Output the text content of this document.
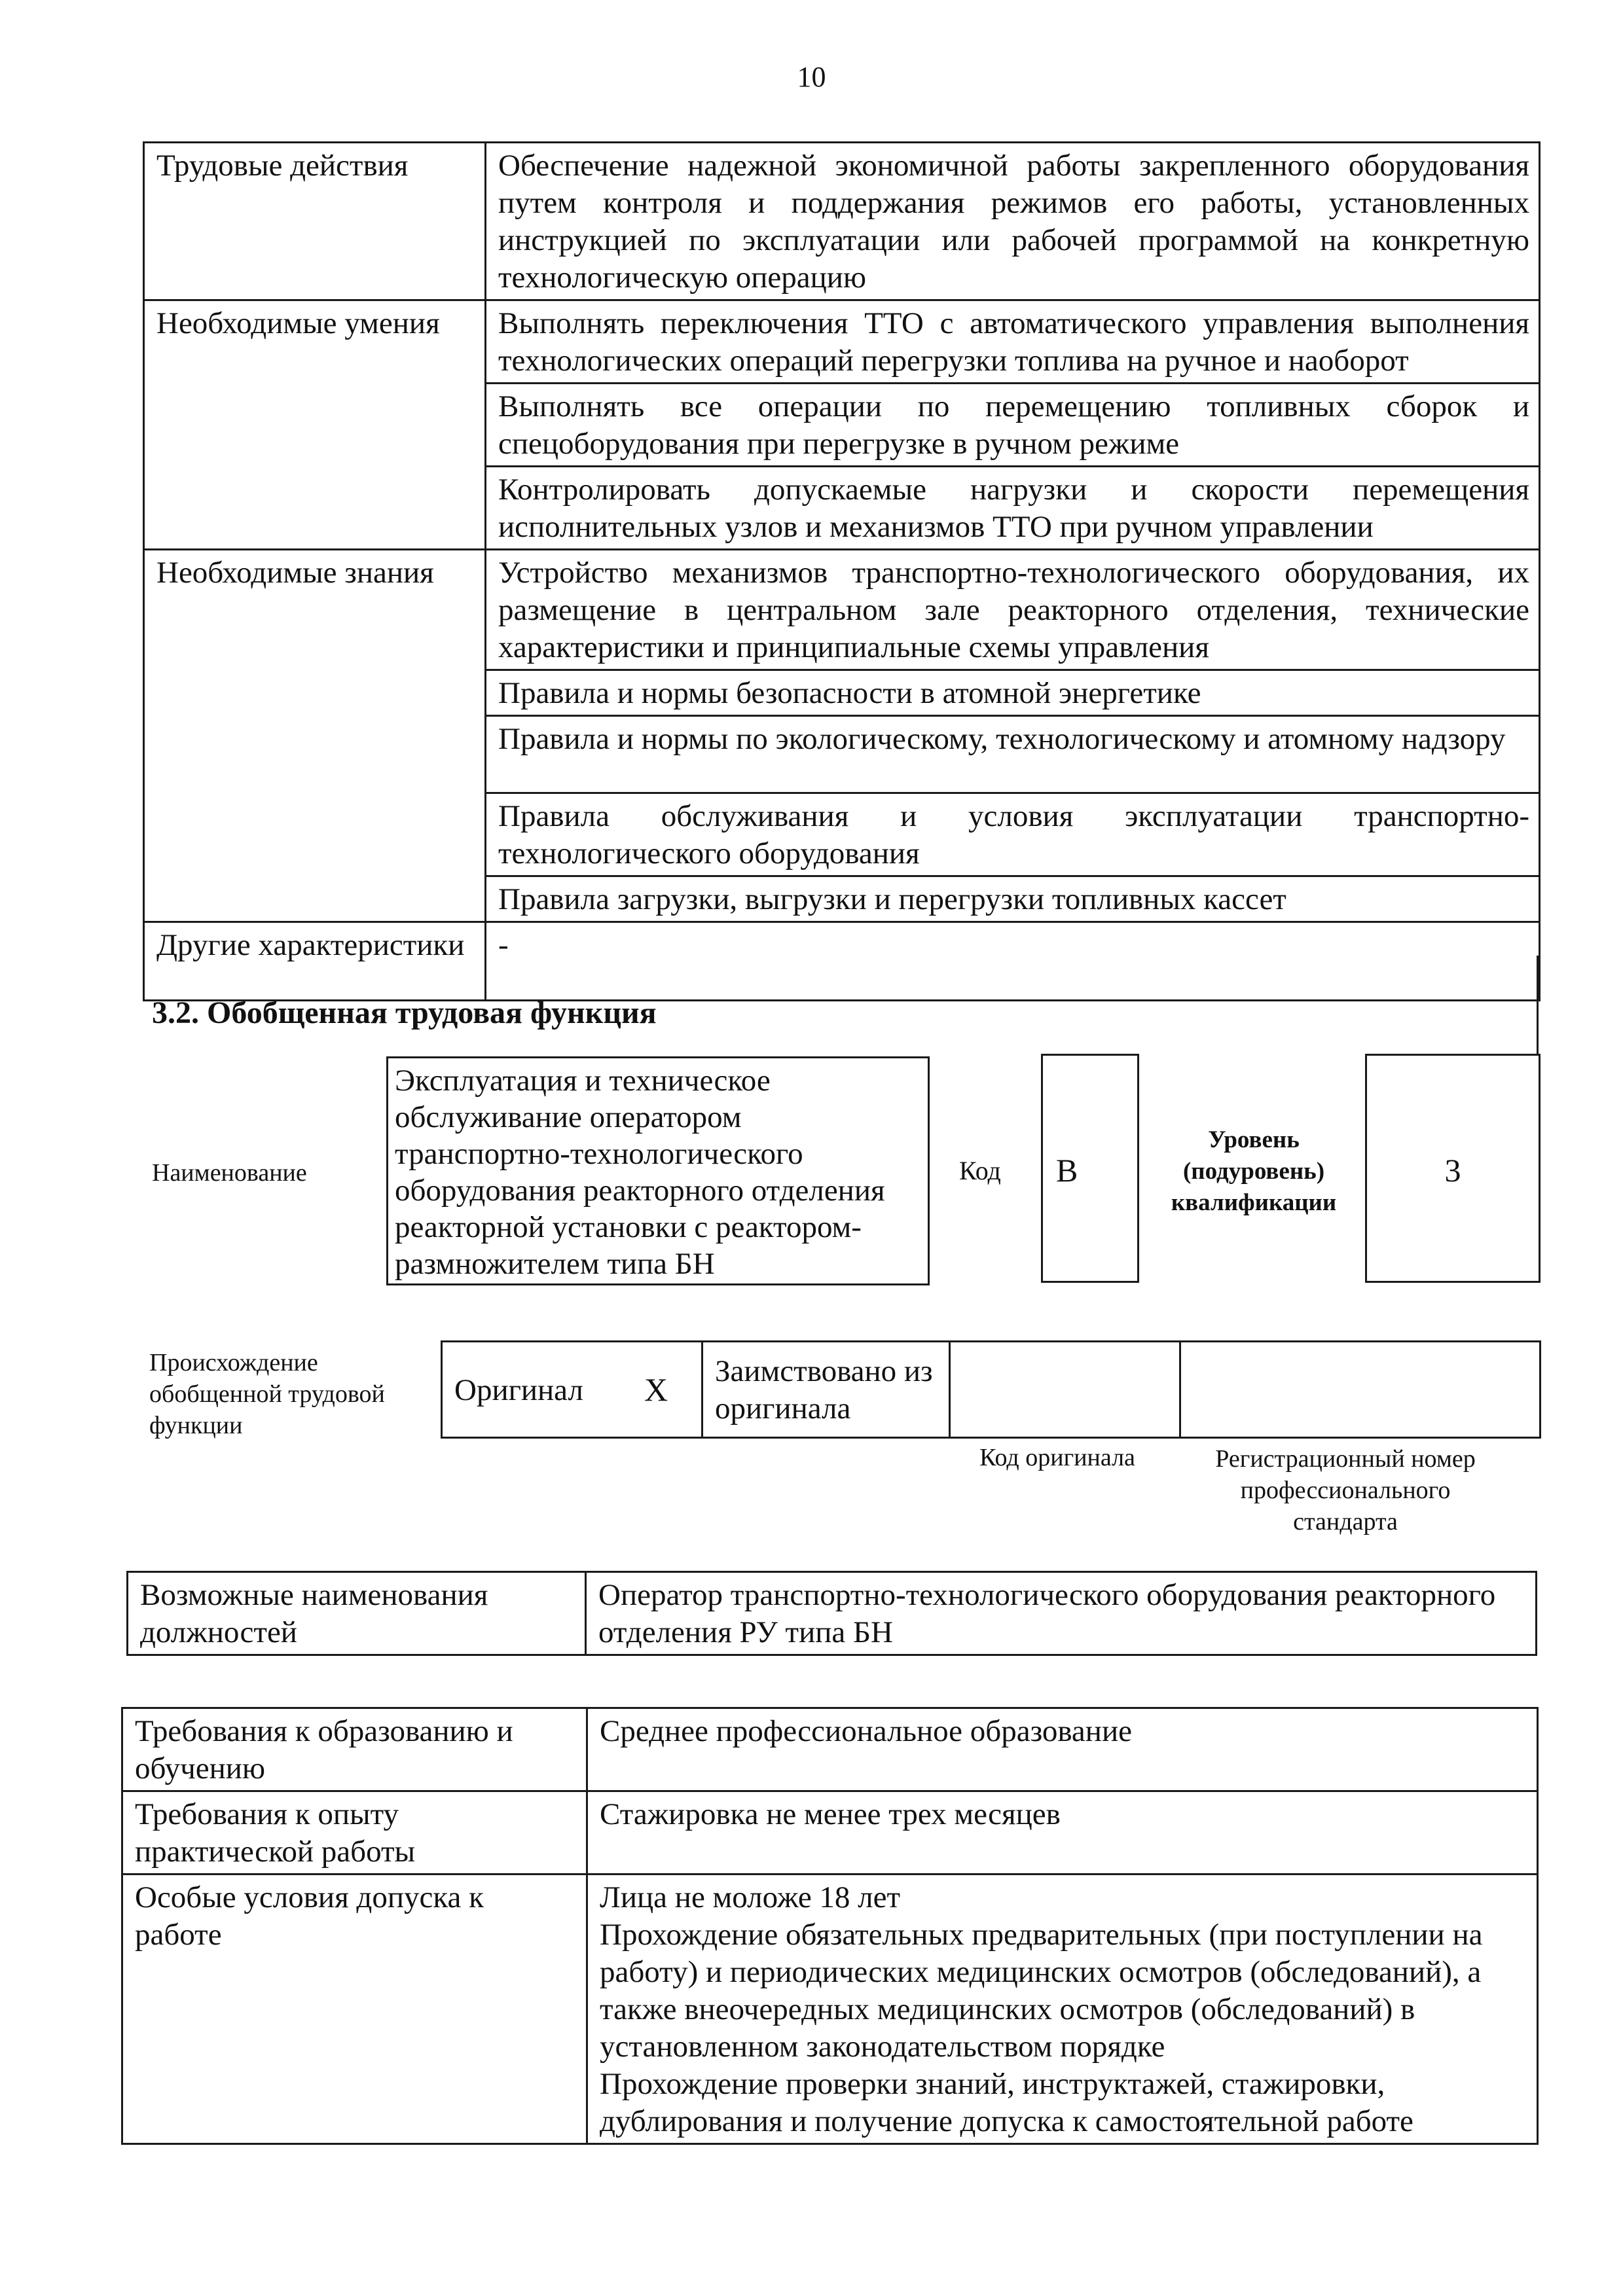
10
Трудовые действия	Обеспечение надежной экономичной работы закрепленного оборудования путем контроля и поддержания режимов его работы, установленных инструкцией по эксплуатации или рабочей программой на конкретную технологическую операцию
Необходимые умения	Выполнять переключения ТТО с автоматического управления выполнения технологических операций перегрузки топлива на ручное и наоборот
	Выполнять все операции по перемещению топливных сборок и спецоборудования при перегрузке в ручном режиме
	Контролировать допускаемые нагрузки и скорости перемещения исполнительных узлов и механизмов ТТО при ручном управлении
Необходимые знания	Устройство механизмов транспортно-технологического оборудования, их размещение в центральном зале реакторного отделения, технические характеристики и принципиальные схемы управления
	Правила и нормы безопасности в атомной энергетике
	Правила и нормы по экологическому, технологическому и атомному надзору
	Правила обслуживания и условия эксплуатации транспортно-технологического оборудования
	Правила загрузки, выгрузки и перегрузки топливных кассет
Другие характеристики	-
3.2. Обобщенная трудовая функция
Наименование
Эксплуатация и техническое обслуживание оператором транспортно-технологического оборудования реакторного отделения реакторной установки с реактором-размножителем типа БН
Код В
Уровень (подуровень) квалификации
3
Происхождение обобщенной трудовой функции
Оригинал Х	Заимствовано из оригинала		
Код оригинала	Регистрационный номер профессионального стандарта
Возможные наименования должностей	Оператор транспортно-технологического оборудования реакторного отделения РУ типа БН
Требования к образованию и обучению	Среднее профессиональное образование
Требования к опыту практической работы	Стажировка не менее трех месяцев
Особые условия допуска к работе	Лица не моложе 18 лет
Прохождение обязательных предварительных (при поступлении на работу) и периодических медицинских осмотров (обследований), а также внеочередных медицинских осмотров (обследований) в установленном законодательством порядке
Прохождение проверки знаний, инструктажей, стажировки, дублирования и получение допуска к самостоятельной работе
